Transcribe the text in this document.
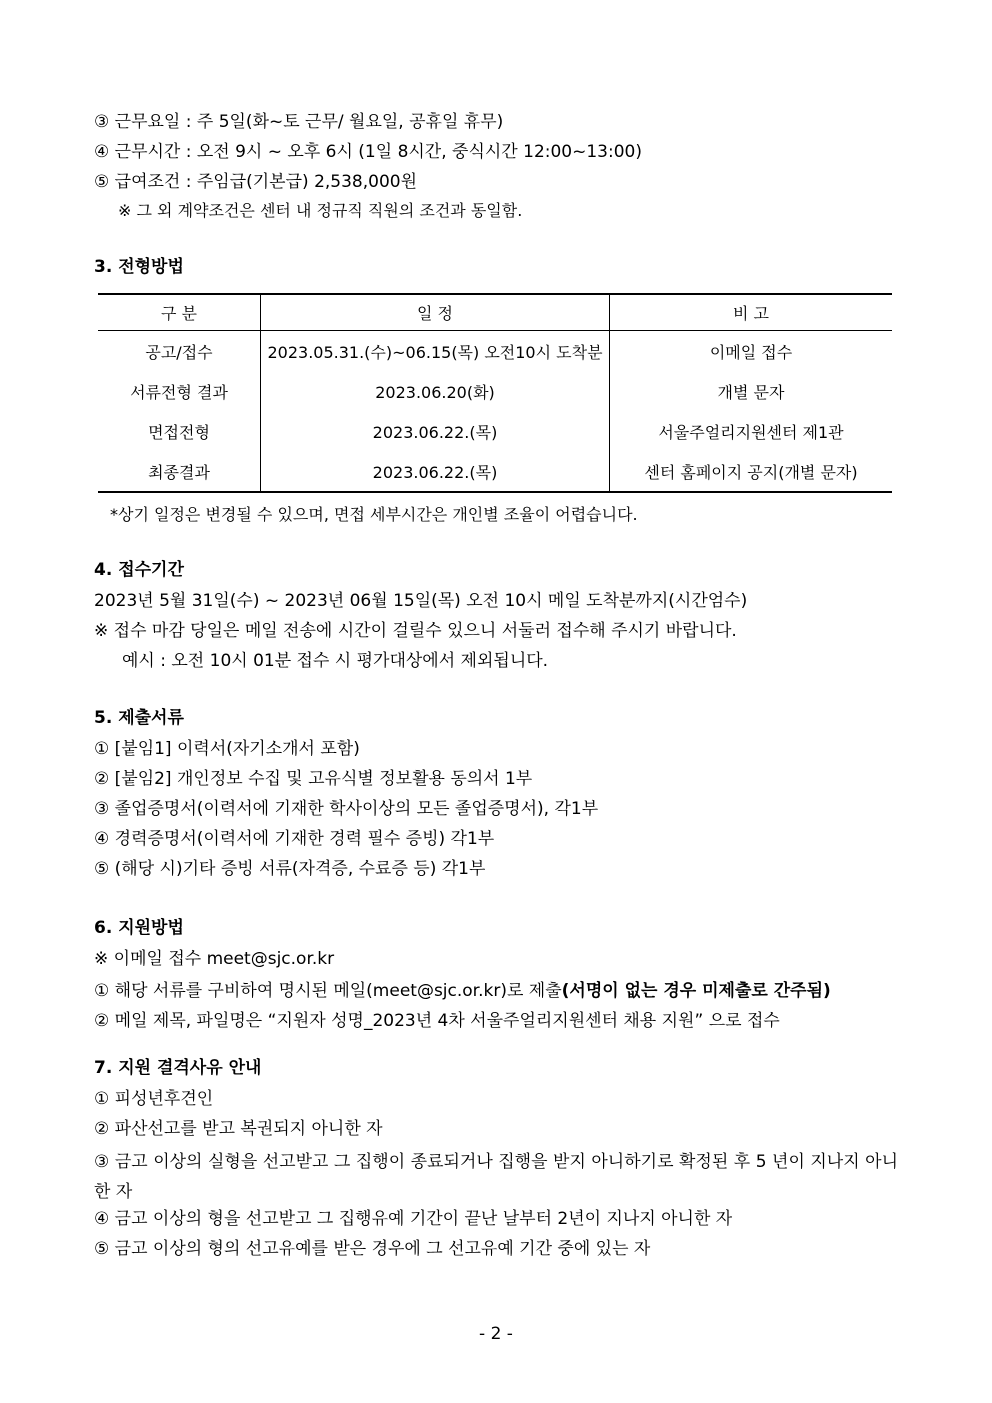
③ 근무요일 : 주 5일(화~토 근무/ 월요일, 공휴일 휴무)
④ 근무시간 : 오전 9시 ~ 오후 6시 (1일 8시간, 중식시간 12:00~13:00)
⑤ 급여조건 : 주임급(기본급) 2,538,000원
※ 그 외 계약조건은 센터 내 정규직 직원의 조건과 동일함.
3. 전형방법
구 분	일 정	비 고
공고/접수	2023.05.31.(수)~06.15(목) 오전10시 도착분	이메일 접수
서류전형 결과	2023.06.20(화)	개별 문자
면접전형	2023.06.22.(목)	서울주얼리지원센터 제1관
최종결과	2023.06.22.(목)	센터 홈페이지 공지(개별 문자)
*상기 일정은 변경될 수 있으며, 면접 세부시간은 개인별 조율이 어렵습니다.
4. 접수기간
2023년 5월 31일(수) ~ 2023년 06월 15일(목) 오전 10시 메일 도착분까지(시간엄수)
※ 접수 마감 당일은 메일 전송에 시간이 걸릴수 있으니 서둘러 접수해 주시기 바랍니다.
예시 : 오전 10시 01분 접수 시 평가대상에서 제외됩니다.
5. 제출서류
① [붙임1] 이력서(자기소개서 포함)
② [붙임2] 개인정보 수집 및 고유식별 정보활용 동의서 1부
③ 졸업증명서(이력서에 기재한 학사이상의 모든 졸업증명서), 각1부
④ 경력증명서(이력서에 기재한 경력 필수 증빙) 각1부
⑤ (해당 시)기타 증빙 서류(자격증, 수료증 등) 각1부
6. 지원방법
※ 이메일 접수 meet@sjc.or.kr
① 해당 서류를 구비하여 명시된 메일(meet@sjc.or.kr)로 제출(서명이 없는 경우 미제출로 간주됨)
② 메일 제목, 파일명은 “지원자 성명_2023년 4차 서울주얼리지원센터 채용 지원” 으로 접수
7. 지원 결격사유 안내
① 피성년후견인
② 파산선고를 받고 복권되지 아니한 자
③ 금고 이상의 실형을 선고받고 그 집행이 종료되거나 집행을 받지 아니하기로 확정된 후 5 년이 지나지 아니한 자
④ 금고 이상의 형을 선고받고 그 집행유예 기간이 끝난 날부터 2년이 지나지 아니한 자
⑤ 금고 이상의 형의 선고유예를 받은 경우에 그 선고유예 기간 중에 있는 자
- 2 -
